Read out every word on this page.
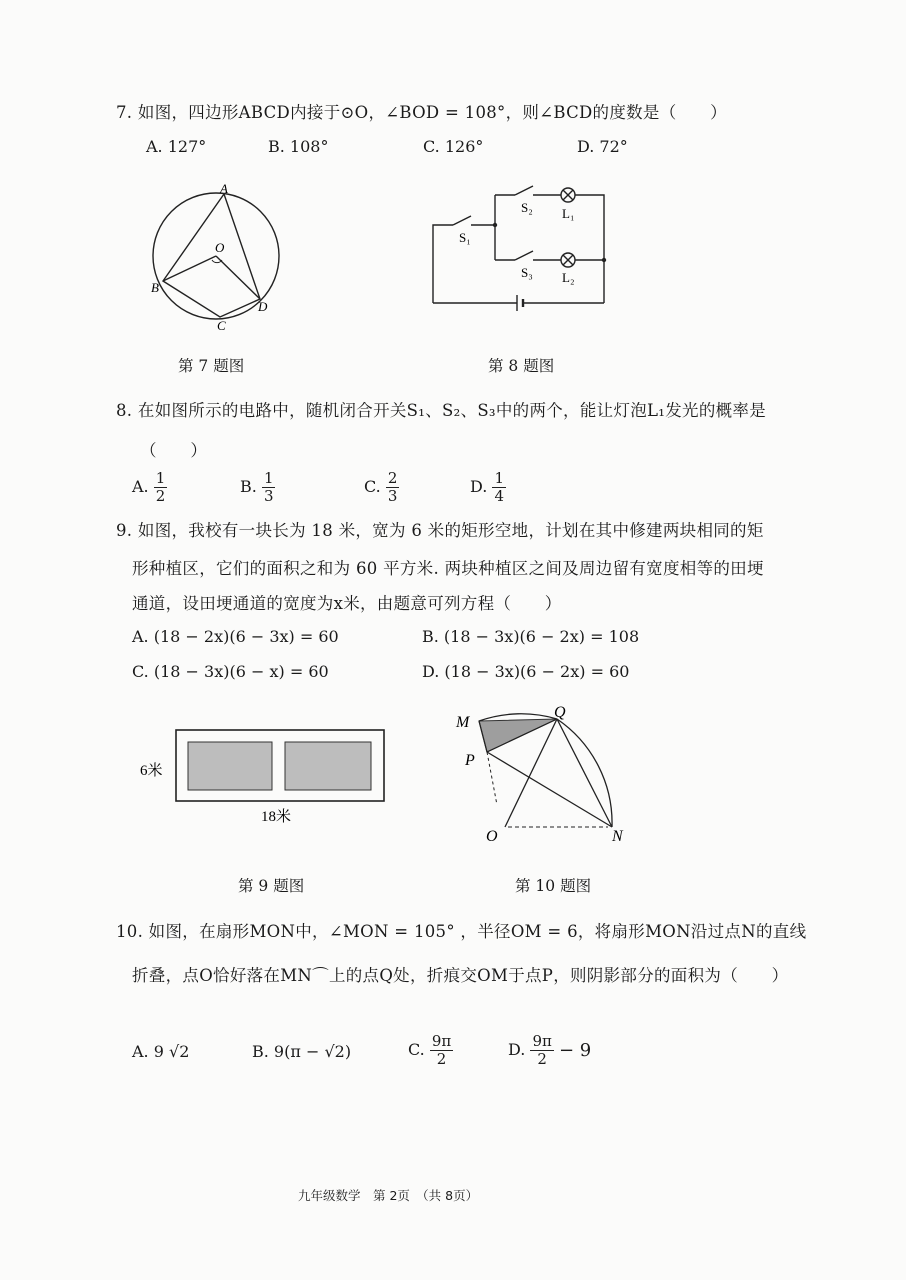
7. 如图，四边形ABCD内接于⊙O，∠BOD = 108°，则∠BCD的度数是（　　）
A. 127°	B. 108°	C. 126°	D. 72°
A
O
B
C
D
S₁
S₂ L₁
S₃ L₂
第 7 题图	第 8 题图
8. 在如图所示的电路中，随机闭合开关S₁、S₂、S₃中的两个，能让灯泡L₁发光的概率是
（　　）
A. $\frac{1}{2}$	B. $\frac{1}{3}$	C. $\frac{2}{3}$	D. $\frac{1}{4}$
9. 如图，我校有一块长为 18 米，宽为 6 米的矩形空地，计划在其中修建两块相同的矩
形种植区，它们的面积之和为 60 平方米. 两块种植区之间及周边留有宽度相等的田埂
通道，设田埂通道的宽度为x米，由题意可列方程（　　）
A. (18 − 2x)(6 − 3x) = 60	B. (18 − 3x)(6 − 2x) = 108
C. (18 − 3x)(6 − x) = 60	D. (18 − 3x)(6 − 2x) = 60
6米
18米
M
Q
P
O	N
第 9 题图	第 10 题图
10. 如图，在扇形MON中，∠MON = 105° ，半径OM = 6，将扇形MON沿过点N的直线
折叠，点O恰好落在MN⌒上的点Q处，折痕交OM于点P，则阴影部分的面积为（　　）
A. 9 √2	B. 9(π − √2)	C. $\frac{9\pi}{2}$	D. $\frac{9\pi}{2} - 9$
九年级数学　第 2页　（共 8页）
